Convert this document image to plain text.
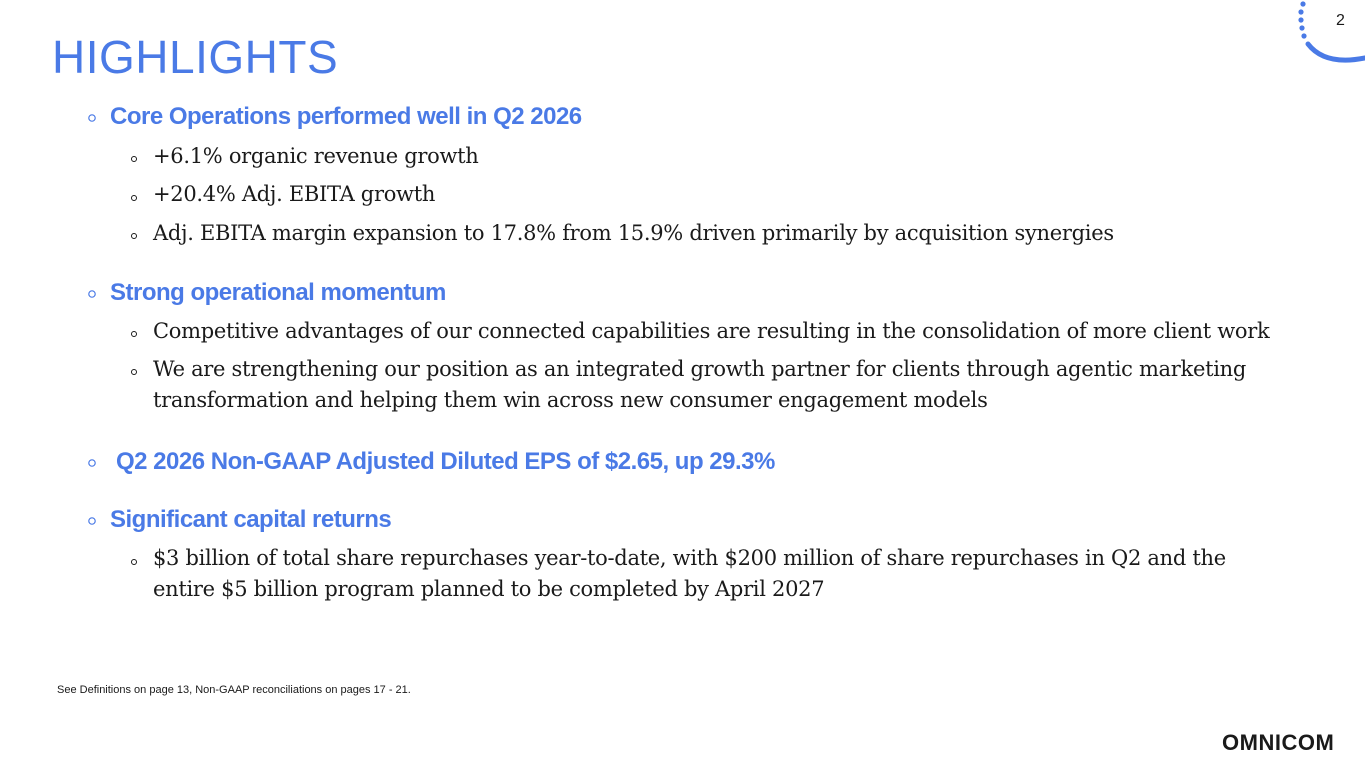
2
HIGHLIGHTS
Core Operations performed well in Q2 2026
+6.1% organic revenue growth
+20.4% Adj. EBITA growth
Adj. EBITA margin expansion to 17.8% from 15.9% driven primarily by acquisition synergies
Strong operational momentum
Competitive advantages of our connected capabilities are resulting in the consolidation of more client work
We are strengthening our position as an integrated growth partner for clients through agentic marketing transformation and helping them win across new consumer engagement models
Q2 2026 Non-GAAP Adjusted Diluted EPS of $2.65, up 29.3%
Significant capital returns
$3 billion of total share repurchases year-to-date, with $200 million of share repurchases in Q2 and the entire $5 billion program planned to be completed by April 2027
See Definitions on page 13, Non-GAAP reconciliations on pages 17 - 21.
OMNICOM
